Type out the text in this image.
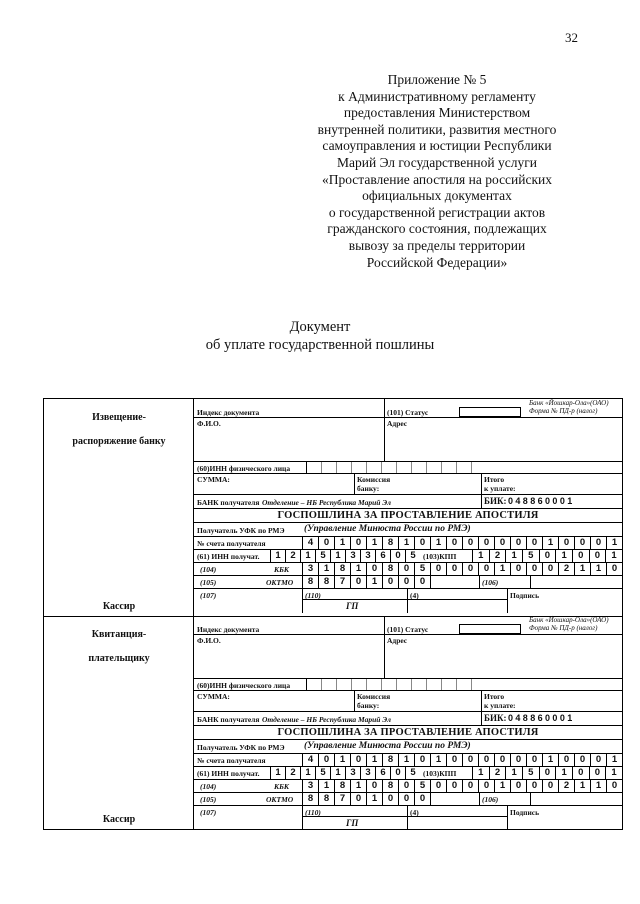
32
Приложение № 5
к Административному регламенту
предоставления Министерством
внутренней политики, развития местного
самоуправления и юстиции Республики
Марий Эл государственной услуги
«Проставление апостиля на российских
официальных документах
о государственной регистрации актов
гражданского состояния, подлежащих
вывозу за пределы территории
Российской Федерации»
Документ
об уплате государственной пошлины
Извещение-
распоряжение банку
Кассир
Индекс документа	(101) Статус
Банк «Йошкар-Ола»(ОАО)
Форма № ПД-р (налог)
Ф.И.О.	Адрес
(60)ИНН физического лица
СУММА:	Комиссия
банку:
Итого
к уплате:
БАНК получателя Отделение – НБ Республика Марий Эл	БИК: 048860001
ГОСПОШЛИНА ЗА ПРОСТАВЛЕНИЕ АПОСТИЛЯ
Получатель УФК по РМЭ (Управление Минюста России по РМЭ)
№ счета получателя	4	0	1	0	1	8	1	0	1	0	0	0	0	0	0	1	0	0	0	1
(61) ИНН получат.	1	2	1	5	1	3	3	6	0	5 (103)КПП	1	2	1	5	0	1	0	0	1
(104)	КБК	3	1	8	1	0	8	0	5	0	0	0	0	1	0	0	0	2	1	1	0
(105)	ОКТМО	8	8	7	0	1	0	0	0	(106)
(107)	(110)
ГП
(4)	Подпись
Квитанция-
плательщику
Кассир
Индекс документа	(101) Статус
Банк «Йошкар-Ола»(ОАО)
Форма № ПД-р (налог)
Ф.И.О.	Адрес
(60)ИНН физического лица
СУММА:	Комиссия
банку:
Итого
к уплате:
БАНК получателя Отделение – НБ Республика Марий Эл	БИК: 048860001
ГОСПОШЛИНА ЗА ПРОСТАВЛЕНИЕ АПОСТИЛЯ
Получатель УФК по РМЭ (Управление Минюста России по РМЭ)
№ счета получателя	4	0	1	0	1	8	1	0	1	0	0	0	0	0	0	1	0	0	0	1
(61) ИНН получат.	1	2	1	5	1	3	3	6	0	5 (103)КПП	1	2	1	5	0	1	0	0	1
(104)	КБК	3	1	8	1	0	8	0	5	0	0	0	0	1	0	0	0	2	1	1	0
(105)	ОКТМО	8	8	7	0	1	0	0	0	(106)
(107)	(110)
ГП
(4)	Подпись
